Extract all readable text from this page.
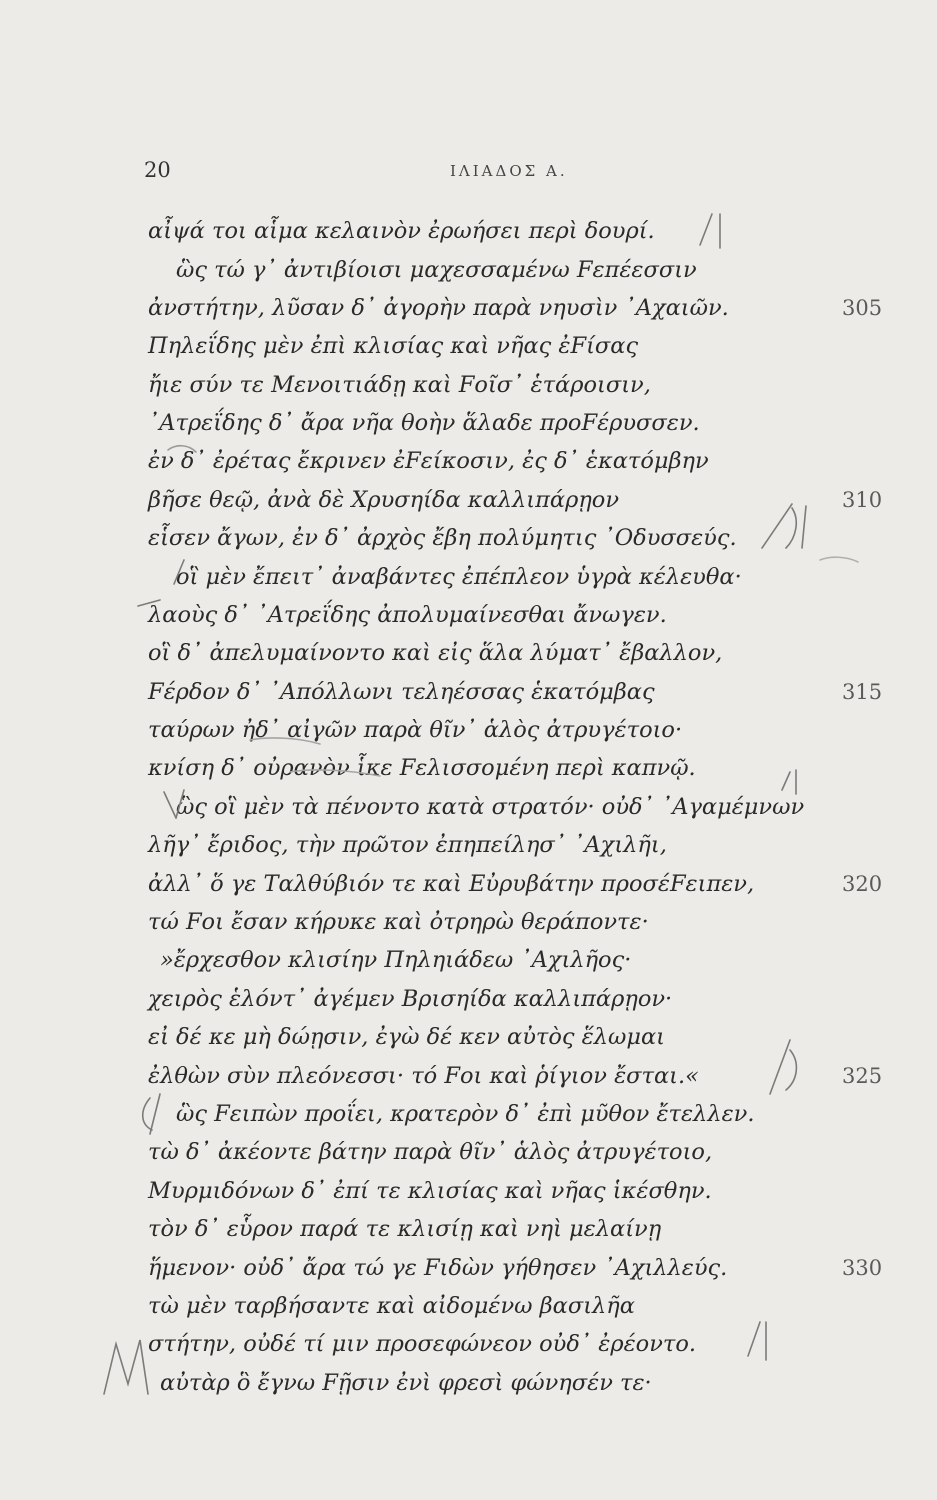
20	ΙΛΙΑΔΟΣ Α.
αἶψά τοι αἷμα κελαινὸν ἐρωήσει περὶ δουρί.
ὣς τώ γ᾽ ἀντιβίοισι μαχεσσαμένω Fεπέεσσιν
ἀνστήτην, λῦσαν δ᾽ ἀγορὴν παρὰ νηυσὶν ᾿Αχαιῶν.	305
Πηλεΐδης μὲν ἐπὶ κλισίας καὶ νῆας ἐFίσας
ἤιε σύν τε Μενοιτιάδῃ καὶ Fοῖσ᾽ ἑτάροισιν,
᾿Ατρεΐδης δ᾽ ἄρα νῆα θοὴν ἅλαδε προFέρυσσεν.
ἐν δ᾽ ἐρέτας ἔκρινεν ἐFείκοσιν, ἐς δ᾽ ἑκατόμβην
βῆσε θεῷ, ἀνὰ δὲ Χρυσηίδα καλλιπάρῃον	310
εἷσεν ἄγων, ἐν δ᾽ ἀρχὸς ἔβη πολύμητις ᾿Οδυσσεύς.
οἳ μὲν ἔπειτ᾽ ἀναβάντες ἐπέπλεον ὑγρὰ κέλευθα·
λαοὺς δ᾽ ᾿Ατρεΐδης ἀπολυμαίνεσθαι ἄνωγεν.
οἳ δ᾽ ἀπελυμαίνοντο καὶ εἰς ἅλα λύματ᾽ ἔβαλλον,
Fέρδον δ᾽ ᾿Απόλλωνι τεληέσσας ἑκατόμβας	315
ταύρων ἠδ᾽ αἰγῶν παρὰ θῖν᾽ ἁλὸς ἀτρυγέτοιο·
κνίση δ᾽ οὐρανὸν ἷκε Fελισσομένη περὶ καπνῷ.
ὣς οἳ μὲν τὰ πένοντο κατὰ στρατόν· οὐδ᾽ ᾿Αγαμέμνων
λῆγ᾽ ἔριδος, τὴν πρῶτον ἐπηπείλησ᾽ ᾿Αχιλῆι,
ἀλλ᾽ ὅ γε Ταλθύβιόν τε καὶ Εὐρυβάτην προσέFειπεν,	320
τώ Fοι ἔσαν κήρυκε καὶ ὀτρηρὼ θεράποντε·
»ἔρχεσθον κλισίην Πηληιάδεω ᾿Αχιλῆος·
χειρὸς ἑλόντ᾽ ἀγέμεν Βρισηίδα καλλιπάρῃον·
εἰ δέ κε μὴ δώῃσιν, ἐγὼ δέ κεν αὐτὸς ἕλωμαι
ἐλθὼν σὺν πλεόνεσσι· τό Fοι καὶ ῥίγιον ἔσται.«	325
ὣς Fειπὼν προΐει, κρατερὸν δ᾽ ἐπὶ μῦθον ἔτελλεν.
τὼ δ᾽ ἀκέοντε βάτην παρὰ θῖν᾽ ἁλὸς ἀτρυγέτοιο,
Μυρμιδόνων δ᾽ ἐπί τε κλισίας καὶ νῆας ἱκέσθην.
τὸν δ᾽ εὗρον παρά τε κλισίῃ καὶ νηὶ μελαίνῃ
ἥμενον· οὐδ᾽ ἄρα τώ γε Fιδὼν γήθησεν ᾿Αχιλλεύς.	330
τὼ μὲν ταρβήσαντε καὶ αἰδομένω βασιλῆα
στήτην, οὐδέ τί μιν προσεφώνεον οὐδ᾽ ἐρέοντο.
αὐτὰρ ὃ ἔγνω Fῇσιν ἐνὶ φρεσὶ φώνησέν τε·
